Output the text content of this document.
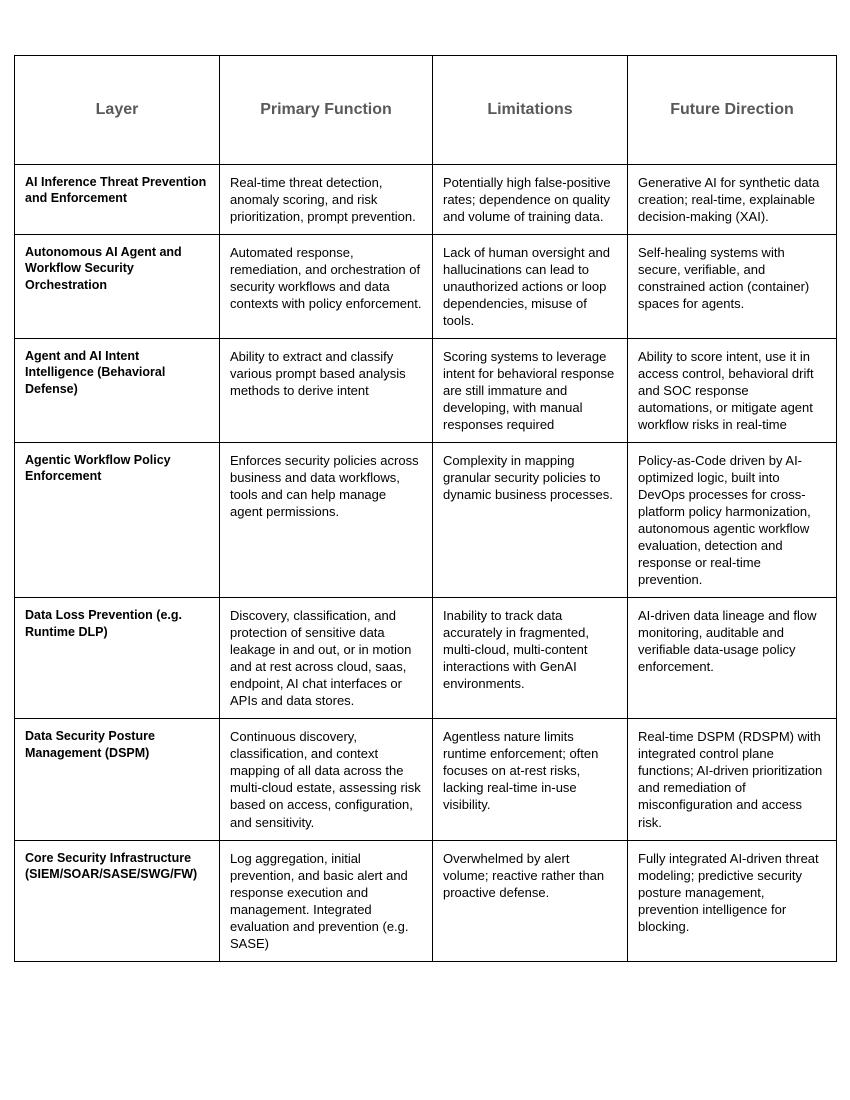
Layer	Primary Function	Limitations	Future Direction
AI Inference Threat Prevention and Enforcement	Real-time threat detection, anomaly scoring, and risk prioritization, prompt prevention.	Potentially high false-positive rates; dependence on quality and volume of training data.	Generative AI for synthetic data creation; real-time, explainable decision-making (XAI).
Autonomous AI Agent and Workflow Security Orchestration	Automated response, remediation, and orchestration of security workflows and data contexts with policy enforcement.	Lack of human oversight and hallucinations can lead to unauthorized actions or loop dependencies, misuse of tools.	Self-healing systems with secure, verifiable, and constrained action (container) spaces for agents.
Agent and AI Intent Intelligence (Behavioral Defense)	Ability to extract and classify various prompt based analysis methods to derive intent	Scoring systems to leverage intent for behavioral response are still immature and developing, with manual responses required	Ability to score intent, use it in access control, behavioral drift and SOC response automations, or mitigate agent workflow risks in real-time
Agentic Workflow Policy Enforcement	Enforces security policies across business and data workflows, tools and can help manage agent permissions.	Complexity in mapping granular security policies to dynamic business processes.	Policy-as-Code driven by AI-optimized logic, built into DevOps processes for cross-platform policy harmonization, autonomous agentic workflow evaluation, detection and response or real-time prevention.
Data Loss Prevention (e.g. Runtime DLP)	Discovery, classification, and protection of sensitive data leakage in and out, or in motion and at rest across cloud, saas, endpoint, AI chat interfaces or APIs and data stores.	Inability to track data accurately in fragmented, multi-cloud, multi-content interactions with GenAI environments.	AI-driven data lineage and flow monitoring, auditable and verifiable data-usage policy enforcement.
Data Security Posture Management (DSPM)	Continuous discovery, classification, and context mapping of all data across the multi-cloud estate, assessing risk based on access, configuration, and sensitivity.	Agentless nature limits runtime enforcement; often focuses on at-rest risks, lacking real-time in-use visibility.	Real-time DSPM (RDSPM) with integrated control plane functions; AI-driven prioritization and remediation of misconfiguration and access risk.
Core Security Infrastructure (SIEM/SOAR/SASE/SWG/FW)	Log aggregation, initial prevention, and basic alert and response execution and management. Integrated evaluation and prevention (e.g. SASE)	Overwhelmed by alert volume; reactive rather than proactive defense.	Fully integrated AI-driven threat modeling; predictive security posture management, prevention intelligence for blocking.
